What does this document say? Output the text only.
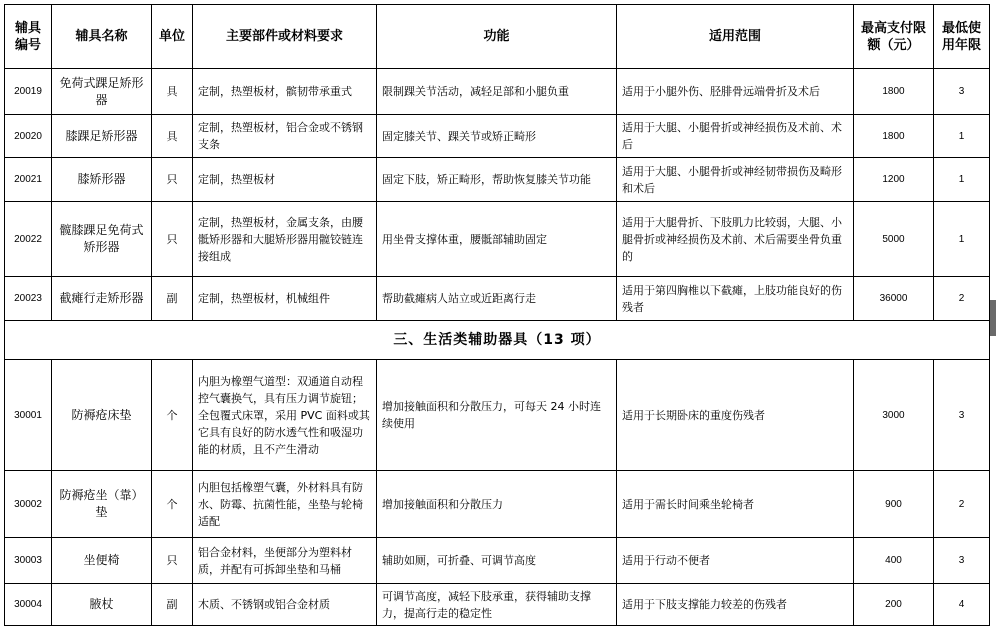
辅具编号	辅具名称	单位	主要部件或材料要求	功能	适用范围	最高支付限额（元）	最低使用年限
20019	免荷式踝足矫形器	具	定制，热塑板材，髌韧带承重式	限制踝关节活动，减轻足部和小腿负重	适用于小腿外伤、胫腓骨远端骨折及术后	1800	3
20020	膝踝足矫形器	具	定制，热塑板材，铝合金或不锈钢支条	固定膝关节、踝关节或矫正畸形	适用于大腿、小腿骨折或神经损伤及术前、术后	1800	1
20021	膝矫形器	只	定制，热塑板材	固定下肢，矫正畸形，帮助恢复膝关节功能	适用于大腿、小腿骨折或神经韧带损伤及畸形和术后	1200	1
20022	髋膝踝足免荷式矫形器	只	定制，热塑板材，金属支条，由腰骶矫形器和大腿矫形器用髋铰链连接组成	用坐骨支撑体重，腰骶部辅助固定	适用于大腿骨折、下肢肌力比较弱，大腿、小腿骨折或神经损伤及术前、术后需要坐骨负重的	5000	1
20023	截瘫行走矫形器	副	定制，热塑板材，机械组件	帮助截瘫病人站立或近距离行走	适用于第四胸椎以下截瘫，上肢功能良好的伤残者	36000	2
三、生活类辅助器具（13 项）							
30001	防褥疮床垫	个	内胆为橡塑气道型：双通道自动程控气囊换气，具有压力调节旋钮；全包覆式床罩，采用 PVC 面料或其它具有良好的防水透气性和吸湿功能的材质，且不产生滑动	增加接触面积和分散压力，可每天 24 小时连续使用	适用于长期卧床的重度伤残者	3000	3
30002	防褥疮坐（靠）垫	个	内胆包括橡塑气囊，外材料具有防水、防霉、抗菌性能，坐垫与轮椅适配	增加接触面积和分散压力	适用于需长时间乘坐轮椅者	900	2
30003	坐便椅	只	铝合金材料，坐便部分为塑料材质，并配有可拆卸坐垫和马桶	辅助如厕，可折叠、可调节高度	适用于行动不便者	400	3
30004	腋杖	副	木质、不锈钢或铝合金材质	可调节高度，减轻下肢承重，获得辅助支撑力，提高行走的稳定性	适用于下肢支撑能力较差的伤残者	200	4
